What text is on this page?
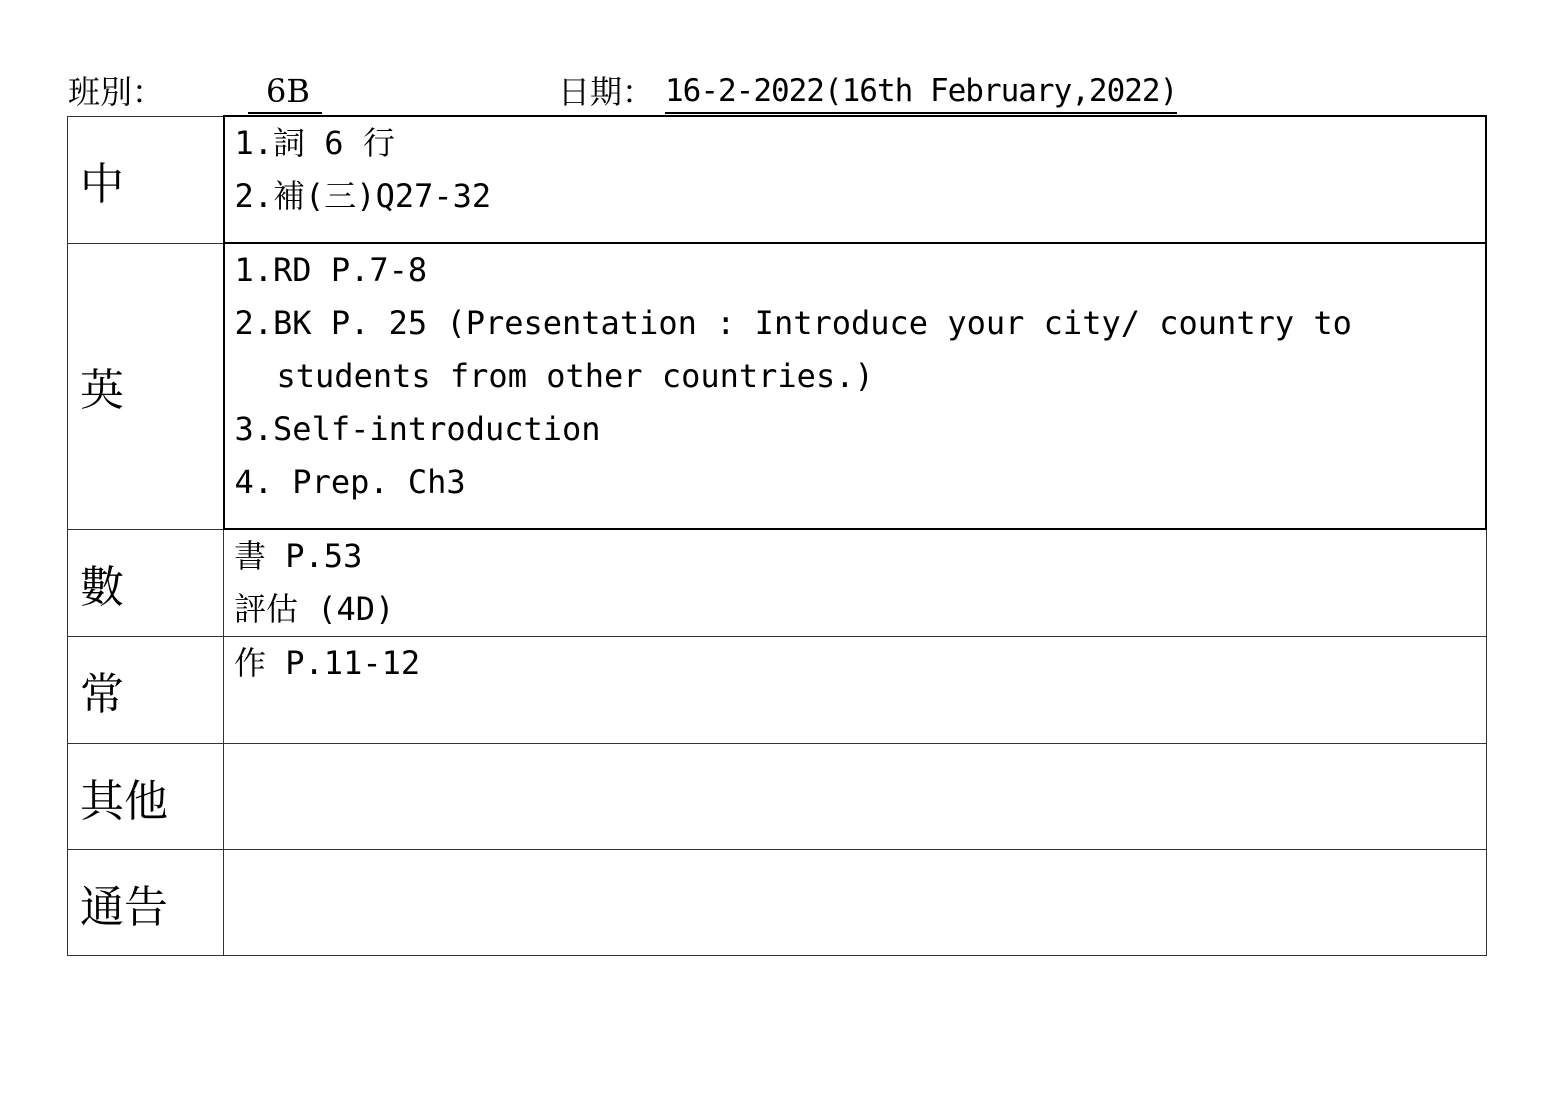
班別：	6B	日期： 16-2-2022(16th February,2022)
中	1.詞 6 行
2.補(三)Q27-32

英	1.RD P.7-8
2.BK P. 25 (Presentation : Introduce your city/ country to
students from other countries.)
3.Self-introduction
4. Prep. Ch3

數	書 P.53
評估 (4D)

常	作 P.11-12

其他	
通告	
